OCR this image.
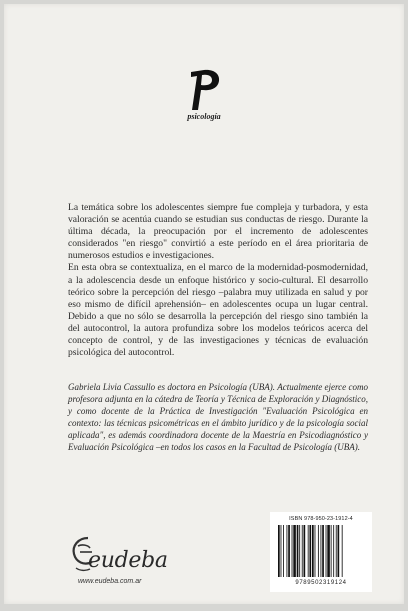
psicología

La temática sobre los adolescentes siempre fue compleja y turbadora, y esta valoración se acentúa cuando se estudian sus conductas de riesgo. Durante la última década, la preocupación por el incremento de adolescentes considerados "en riesgo" convirtió a este período en el área prioritaria de numerosos estudios e investigaciones.

En esta obra se contextualiza, en el marco de la modernidad-posmodernidad, a la adolescencia desde un enfoque histórico y socio-cultural. El desarrollo teórico sobre la percepción del riesgo –palabra muy utilizada en salud y por eso mismo de difícil aprehensión– en adolescentes ocupa un lugar central. Debido a que no sólo se desarrolla la percepción del riesgo sino también la del autocontrol, la autora profundiza sobre los modelos teóricos acerca del concepto de control, y de las investigaciones y técnicas de evaluación psicológica del autocontrol.

Gabriela Livia Cassullo es doctora en Psicología (UBA). Actualmente ejerce como profesora adjunta en la cátedra de Teoría y Técnica de Exploración y Diagnóstico, y como docente de la Práctica de Investigación "Evaluación Psicológica en contexto: las técnicas psicométricas en el ámbito jurídico y de la psicología social aplicada", es además coordinadora docente de la Maestría en Psicodiagnóstico y Evaluación Psicológica –en todos los casos en la Facultad de Psicología (UBA).

eudeba
www.eudeba.com.ar
ISBN 978-950-23-1912-4
9789502319124
